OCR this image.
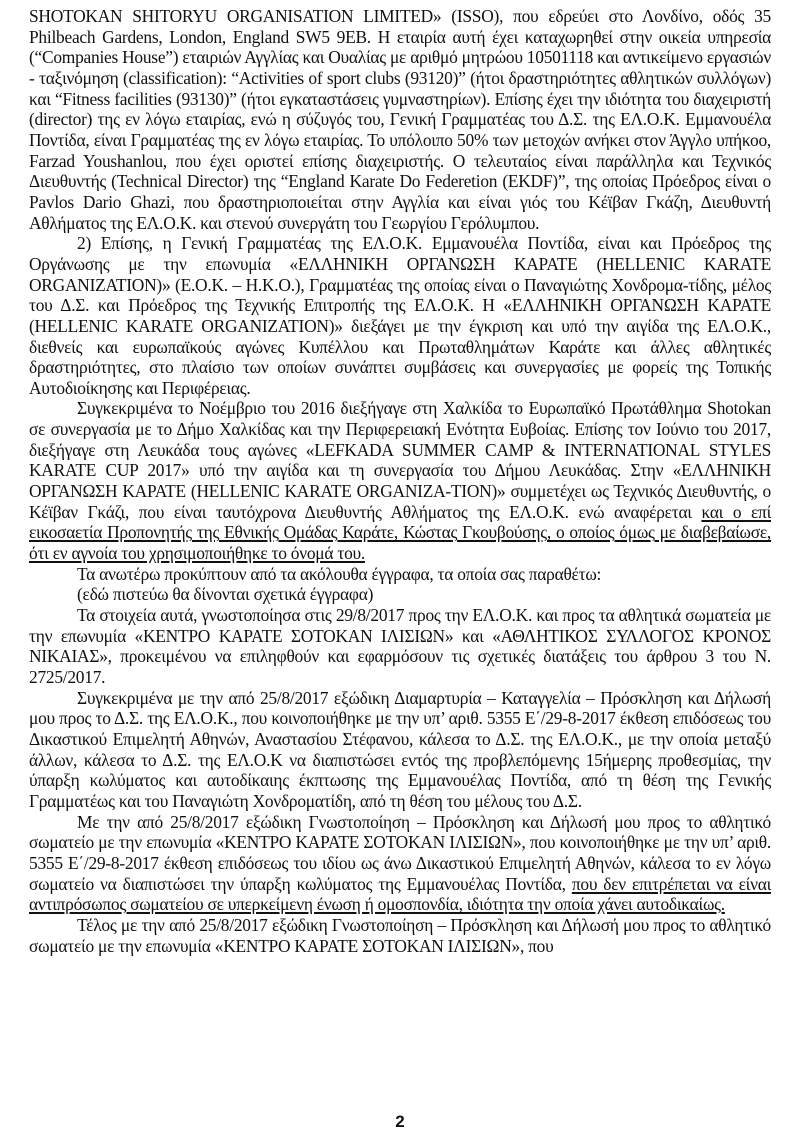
SHOTOKAN SHITORYU ORGANISATION LIMITED» (ISSO), που εδρεύει στο Λονδίνο, οδός 35 Philbeach Gardens, London, England SW5 9EB. Η εταιρία αυτή έχει καταχωρηθεί στην οικεία υπηρεσία (“Companies House”) εταιριών Αγγλίας και Ουαλίας με αριθμό μητρώου 10501118 και αντικείμενο εργασιών - ταξινόμηση (classification): “Activities of sport clubs (93120)” (ήτοι δραστηριότητες αθλητικών συλλόγων) και “Fitness facilities (93130)” (ήτοι εγκαταστάσεις γυμναστηρίων). Επίσης έχει την ιδιότητα του διαχειριστή (director) της εν λόγω εταιρίας, ενώ η σύζυγός του, Γενική Γραμματέας του Δ.Σ. της ΕΛ.Ο.Κ. Εμμανουέλα Ποντίδα, είναι Γραμματέας της εν λόγω εταιρίας. Το υπόλοιπο 50% των μετοχών ανήκει στον Άγγλο υπήκοο, Farzad Youshanlou, που έχει οριστεί επίσης διαχειριστής. Ο τελευταίος είναι παράλληλα και Τεχνικός Διευθυντής (Technical Director) της “England Karate Do Federetion (EKDF)”, της οποίας Πρόεδρος είναι ο Pavlos Dario Ghazi, που δραστηριοποιείται στην Αγγλία και είναι γιός του Κέϊβαν Γκάζη, Διευθυντή Αθλήματος της ΕΛ.Ο.Κ. και στενού συνεργάτη του Γεωργίου Γερόλυμπου.

2) Επίσης, η Γενική Γραμματέας της ΕΛ.Ο.Κ. Εμμανουέλα Ποντίδα, είναι και Πρόεδρος της Οργάνωσης με την επωνυμία «ΕΛΛΗΝΙΚΗ ΟΡΓΑΝΩΣΗ ΚΑΡΑΤΕ (HELLENIC KARATE ORGANIZATION)» (Ε.Ο.Κ. – Η.Κ.Ο.), Γραμματέας της οποίας είναι ο Παναγιώτης Χονδρομα-τίδης, μέλος του Δ.Σ. και Πρόεδρος της Τεχνικής Επιτροπής της ΕΛ.Ο.Κ. Η «ΕΛΛΗΝΙΚΗ ΟΡΓΑΝΩΣΗ ΚΑΡΑΤΕ (HELLENIC KARATE ORGANIZATION)» διεξάγει με την έγκριση και υπό την αιγίδα της ΕΛ.Ο.Κ., διεθνείς και ευρωπαϊκούς αγώνες Κυπέλλου και Πρωταθλημάτων Καράτε και άλλες αθλητικές δραστηριότητες, στο πλαίσιο των οποίων συνάπτει συμβάσεις και συνεργασίες με φορείς της Τοπικής Αυτοδιοίκησης και Περιφέρειας.

Συγκεκριμένα το Νοέμβριο του 2016 διεξήγαγε στη Χαλκίδα το Ευρωπαϊκό Πρωτάθλημα Shotokan σε συνεργασία με το Δήμο Χαλκίδας και την Περιφερειακή Ενότητα Ευβοίας. Επίσης τον Ιούνιο του 2017, διεξήγαγε στη Λευκάδα τους αγώνες «LEFKADA SUMMER CAMP & INTERNATIONAL STYLES KARATE CUP 2017» υπό την αιγίδα και τη συνεργασία του Δήμου Λευκάδας. Στην «ΕΛΛΗΝΙΚΗ ΟΡΓΑΝΩΣΗ ΚΑΡΑΤΕ (HELLENIC KARATE ORGANIZA-TION)» συμμετέχει ως Τεχνικός Διευθυντής, ο Κέϊβαν Γκάζι, που είναι ταυτόχρονα Διευθυντής Αθλήματος της ΕΛ.Ο.Κ. ενώ αναφέρεται και ο επί εικοσαετία Προπονητής της Εθνικής Ομάδας Καράτε, Κώστας Γκουβούσης, ο οποίος όμως με διαβεβαίωσε, ότι εν αγνοία του χρησιμοποιήθηκε το όνομά του.

Τα ανωτέρω προκύπτουν από τα ακόλουθα έγγραφα, τα οποία σας παραθέτω:

(εδώ πιστεύω θα δίνονται σχετικά έγγραφα)

Τα στοιχεία αυτά, γνωστοποίησα στις 29/8/2017 προς την ΕΛ.Ο.Κ. και προς τα αθλητικά σωματεία με την επωνυμία «ΚΕΝΤΡΟ ΚΑΡΑΤΕ ΣΟΤΟΚΑΝ ΙΛΙΣΙΩΝ» και «ΑΘΛΗΤΙΚΟΣ ΣΥΛΛΟΓΟΣ ΚΡΟΝΟΣ ΝΙΚΑΙΑΣ», προκειμένου να επιληφθούν και εφαρμόσουν τις σχετικές διατάξεις του άρθρου 3 του Ν. 2725/2017.

Συγκεκριμένα με την από 25/8/2017 εξώδικη Διαμαρτυρία – Καταγγελία – Πρόσκληση και Δήλωσή μου προς το Δ.Σ. της ΕΛ.Ο.Κ., που κοινοποιήθηκε με την υπ’ αριθ. 5355 Ε΄/29-8-2017 έκθεση επιδόσεως του Δικαστικού Επιμελητή Αθηνών, Αναστασίου Στέφανου, κάλεσα το Δ.Σ. της ΕΛ.Ο.Κ., με την οποία μεταξύ άλλων, κάλεσα το Δ.Σ. της ΕΛ.Ο.Κ να διαπιστώσει εντός της προβλεπόμενης 15ήμερης προθεσμίας, την ύπαρξη κωλύματος και αυτοδίκαιης έκπτωσης της Εμμανουέλας Ποντίδα, από τη θέση της Γενικής Γραμματέως και του Παναγιώτη Χονδροματίδη, από τη θέση του μέλους του Δ.Σ.

Με την από 25/8/2017 εξώδικη Γνωστοποίηση – Πρόσκληση και Δήλωσή μου προς το αθλητικό σωματείο με την επωνυμία «ΚΕΝΤΡΟ ΚΑΡΑΤΕ ΣΟΤΟΚΑΝ ΙΛΙΣΙΩΝ», που κοινοποιήθηκε με την υπ’ αριθ. 5355 Ε΄/29-8-2017 έκθεση επιδόσεως του ιδίου ως άνω Δικαστικού Επιμελητή Αθηνών, κάλεσα το εν λόγω σωματείο να διαπιστώσει την ύπαρξη κωλύματος της Εμμανουέλας Ποντίδα, που δεν επιτρέπεται να είναι αντιπρόσωπος σωματείου σε υπερκείμενη ένωση ή ομοσπονδία, ιδιότητα την οποία χάνει αυτοδικαίως.

Τέλος με την από 25/8/2017 εξώδικη Γνωστοποίηση – Πρόσκληση και Δήλωσή μου προς το αθλητικό σωματείο με την επωνυμία «ΚΕΝΤΡΟ ΚΑΡΑΤΕ ΣΟΤΟΚΑΝ ΙΛΙΣΙΩΝ», που

2
